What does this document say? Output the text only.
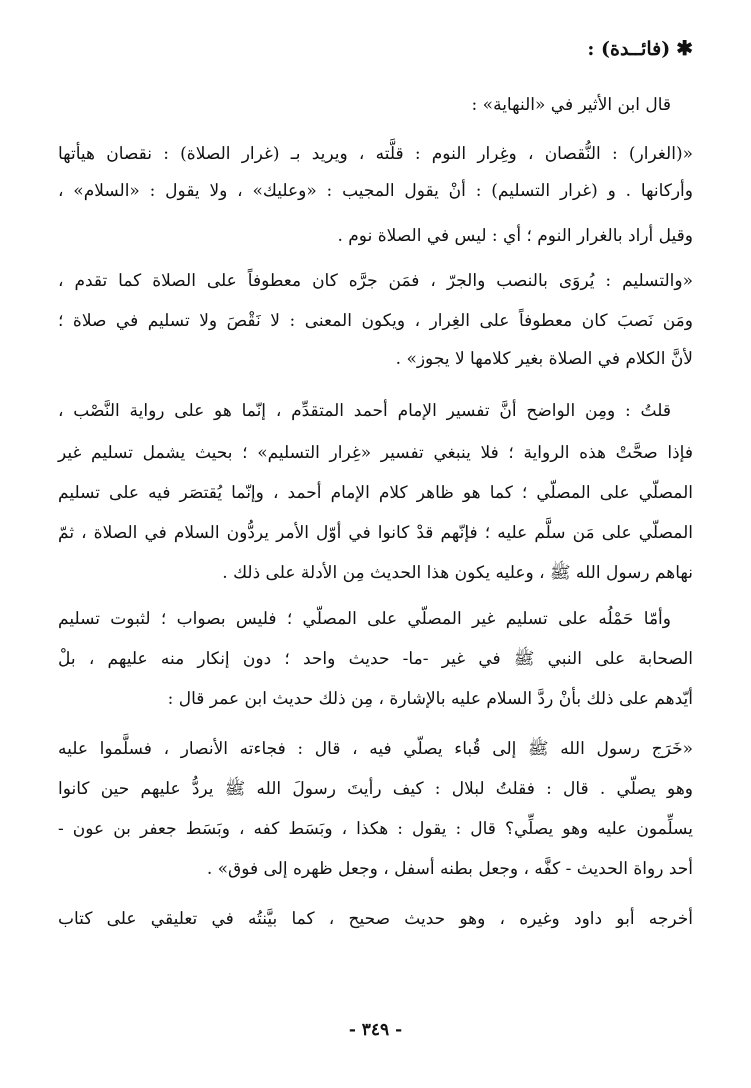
✱(فائــدة) :
قال ابن الأثير في «النهاية» :
«(الغرار) : النُّقصان ، وغِرار النوم : قلَّته ، ويريد بـ (غرار الصلاة) : نقصان هيأتها
وأركانها . و (غرار التسليم) : أنْ يقول المجيب : «وعليك» ، ولا يقول : «السلام» ،
وقيل أراد بالغرار النوم ؛ أي : ليس في الصلاة نوم .
«والتسليم : يُروَى بالنصب والجرّ ، فمَن جرَّه كان معطوفاً على الصلاة كما تقدم ،
ومَن نَصبَ كان معطوفاً على الغِرار ، ويكون المعنى : لا نَقْصَ ولا تسليم في صلاة ؛
لأنَّ الكلام في الصلاة بغير كلامها لا يجوز» .
قلتُ : ومِن الواضح أنَّ تفسير الإمام أحمد المتقدِّم ، إنّما هو على رواية النَّصْب ،
فإذا صحَّتْ هذه الرواية ؛ فلا ينبغي تفسير «غِرار التسليم» ؛ بحيث يشمل تسليم غير
المصلّي على المصلّي ؛ كما هو ظاهر كلام الإمام أحمد ، وإنّما يُقتصَر فيه على تسليم
المصلّي على مَن سلَّم عليه ؛ فإنّهم قدْ كانوا في أوّل الأمر يردُّون السلام في الصلاة ، ثمّ
نهاهم رسول الله ﷺ ، وعليه يكون هذا الحديث مِن الأدلة على ذلك .
وأمّا حَمْلُه على تسليم غير المصلّي على المصلّي ؛ فليس بصواب ؛ لثبوت تسليم
الصحابة على النبي ﷺ في غير -ما- حديث واحد ؛ دون إنكار منه عليهم ، بلْ
أيّدهم على ذلك بأنْ ردَّ السلام عليه بالإشارة ، مِن ذلك حديث ابن عمر قال :
«خَرَج رسول الله ﷺ إلى قُباء يصلّي فيه ، قال : فجاءته الأنصار ، فسلَّموا عليه
وهو يصلّي . قال : فقلتُ لبلال : كيف رأيتَ رسولَ الله ﷺ يردُّ عليهم حين كانوا
يسلِّمون عليه وهو يصلِّي؟ قال : يقول : هكذا ، وبَسَط كفه ، وبَسَط جعفر بن عون -
أحد رواة الحديث - كفَّه ، وجعل بطنه أسفل ، وجعل ظهره إلى فوق» .
أخرجه أبو داود وغيره ، وهو حديث صحيح ، كما بيَّنتُه في تعليقي على كتاب
- ٣٤٩ -
